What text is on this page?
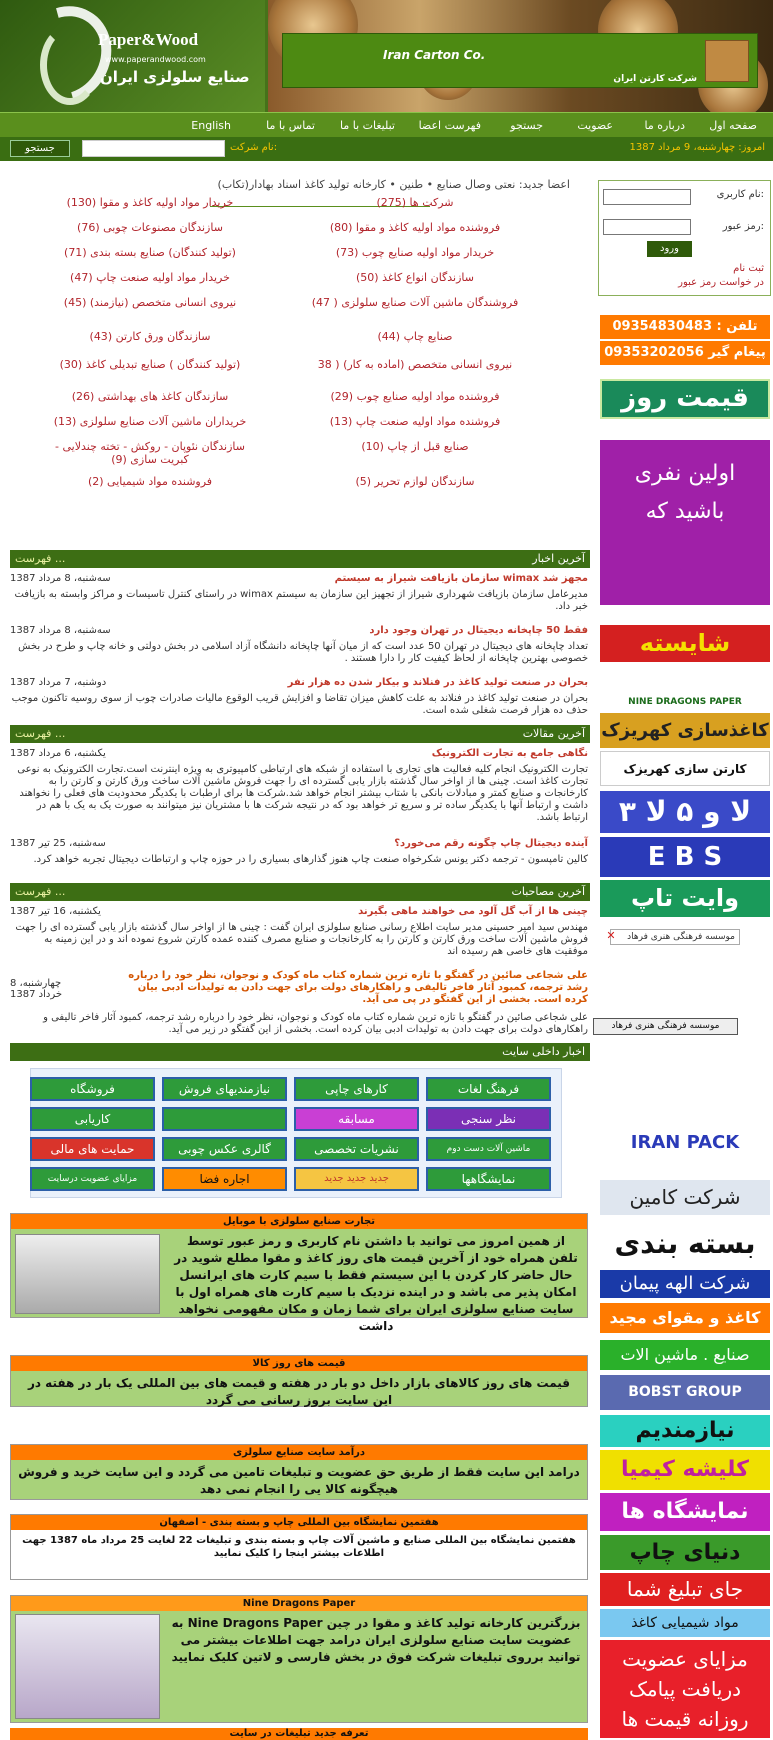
Paper&Wood
www.paperandwood.com
صنایع سلولزی ایران
Iran Carton Co.
شرکت کارتن ایران
صفحه اول
درباره ما
عضویت
جستجو
فهرست اعضا
تبلیغات با ما
تماس با ما
English
امروز: چهارشنبه، 9 مرداد 1387
نام شرکت:
جستجو
نام کاربری:
رمز عبور:
ورود
ثبت نام
در خواست رمز عبور
اعضا جدید: نعتی وصال صنایع • طنین • کارخانه تولید کاغذ اسناد بهادار(تکاب)
شرکت ها (275)
خریدار مواد اولیه کاغذ و مقوا (130)
فروشنده مواد اولیه کاغذ و مقوا (80)
سازندگان مصنوعات چوبی (76)
خریدار مواد اولیه صنایع چوب (73)
(تولید کنندگان) صنایع بسته بندی (71)
سازندگان انواع کاغذ (50)
خریدار مواد اولیه صنعت چاپ (47)
فروشندگان ماشین آلات صنایع سلولزی ( 47)
نیروی انسانی متخصص (نیازمند) (45)
صنایع چاپ (44)
سازندگان ورق کارتن (43)
نیروی انسانی متخصص (اماده به کار) ( 38
(تولید کنندگان ) صنایع تبدیلی کاغذ (30)
فروشنده مواد اولیه صنایع چوب (29)
سازندگان کاغذ های بهداشتی (26)
فروشنده مواد اولیه صنعت چاپ (13)
خریداران ماشین آلات صنایع سلولزی (13)
صنایع قبل از چاپ (10)
سازندگان نئوپان - روکش - تخته چندلایی - کبریت سازی (9)
سازندگان لوازم تحریر (5)
فروشنده مواد شیمیایی (2)
آخرین اخبار
فهرست ...
سازمان بازیافت شیراز به سیستم wimax مجهز شد
سه‌شنبه، 8 مرداد 1387
مدیرعامل سازمان بازیافت شهرداری شیراز از تجهیز این سازمان به سیستم wimax در راستای کنترل تاسیسات و مراکز وابسته به بازیافت خبر داد.
فقط 50 چاپخانه دیجیتال در تهران وجود دارد
سه‌شنبه، 8 مرداد 1387
تعداد چاپخانه های دیجیتال در تهران 50 عدد است که از میان آنها چاپخانه دانشگاه آزاد اسلامی در بخش دولتی و خانه چاپ و طرح در بخش خصوصی بهترین چاپخانه از لحاظ کیفیت کار را دارا هستند .
بحران در صنعت تولید کاغذ در فنلاند و بیکار شدن ده هزار نفر
دوشنبه، 7 مرداد 1387
بحران در صنعت تولید کاغذ در فنلاند به علت کاهش میزان تقاضا و افزایش قریب الوقوع مالیات صادرات چوب از سوی روسیه تاکنون موجب حذف ده هزار فرصت شغلی شده است.
آخرین مقالات
فهرست ...
نگاهی جامع به تجارت الکترونیک
یکشنبه، 6 مرداد 1387
تجارت الکترونیک انجام کلیه فعالیت های تجاری با استفاده از شبکه های ارتباطی کامپیوتری به ویژه اینترنت است.تجارت الکترونیک به نوعی تجارت کاغذ است. چینی ها از اواخر سال گذشته بازار یابی گسترده ای را جهت فروش ماشین آلات ساخت ورق کارتن و کارتن را به کارخانجات و صنایع کمتر و مبادلات بانکی با شتاب بیشتر انجام خواهد شد.شرکت ها برای ارطبات با یکدیگر محدودیت های فعلی را نخواهند داشت و ارتباط آنها با یکدیگر ساده تر و سریع تر خواهد بود که در نتیجه شرکت ها با مشتریان نیز میتوانند به صورت یک به یک با هم در ارتباط باشد.
آینده دیجیتال چاپ چگونه رقم می‌خورد؟
سه‌شنبه، 25 تیر 1387
کالین تامپسون - ترجمه دکتر یونس شکرخواه صنعت چاپ هنوز گذارهای بسیاری را در حوزه چاپ و ارتباطات دیجیتال تجربه خواهد کرد.
آخرین مصاحبات
فهرست ...
چینی ها از آب گل آلود می خواهند ماهی بگیرند
یکشنبه، 16 تیر 1387
مهندس سید امیر حسینی مدیر سایت اطلاع رسانی صنایع سلولزی ایران گفت : چینی ها از اواخر سال گذشته بازار یابی گسترده ای را جهت فروش ماشین آلات ساخت ورق کارتن و کارتن را به کارخانجات و صنایع مصرف کننده عمده کارتن شروع نموده اند و در این زمینه به موفقیت های خاصی هم رسیده اند
علی شجاعی صائین در گفتگو با تازه ترین شماره کتاب ماه کودک و نوجوان، نظر خود را درباره رشد ترجمه، کمبود آثار فاخر تالیفی و راهکارهای دولت برای جهت دادن به تولیدات ادبی بیان کرده است. بخشی از این گفتگو در پی می آید.
چهارشنبه، 8 خرداد 1387
علی شجاعی صائین در گفتگو با تازه ترین شماره کتاب ماه کودک و نوجوان، نظر خود را درباره رشد ترجمه، کمبود آثار فاخر تالیفی و راهکارهای دولت برای جهت دادن به تولیدات ادبی بیان کرده است. بخشی از این گفتگو در زیر می آید.
اخبار داخلی سایت
فرهنگ لغات
کارهای چاپی
نیازمندیهای فروش
فروشگاه
نظر سنجی
مسابقه
کاریابی
ماشین آلات دست دوم
نشریات تخصصی
گالری عکس چوبی
حمایت های مالی
نمایشگاهها
جدید جدید جدید
اجاره فضا
مزایای عضویت درسایت
تجارت صنایع سلولزی با موبایل
از همین امروز می توانید با داشتن نام کاربری و رمز عبور توسط تلفن همراه خود از آخرین قیمت های روز کاغذ و مقوا مطلع شوید در حال حاضر کار کردن با این سیستم فقط با سیم کارت های ایرانسل امکان پذیر می باشد و در اینده نزدیک با سیم کارت های همراه اول با سایت صنایع سلولزی ایران برای شما زمان و مکان مفهومی نخواهد داشت
قیمت های روز کالا
قیمت های روز کالاهای بازار داخل دو بار در هفته و قیمت های بین المللی یک بار در هفته در این سایت بروز رسانی می گردد
درآمد سایت صنایع سلولزی
درامد این سایت فقط از طریق حق عضویت و تبلیغات تامین می گردد و این سایت خرید و فروش هیچگونه کالا یی را انجام نمی دهد
هفتمین نمایشگاه بین المللی چاپ و بسته بندی - اصفهان
هفتمین نمایشگاه بین المللی صنایع و ماشین آلات چاپ و بسته بندی و تبلیغات 22 لغایت 25 مرداد ماه 1387 جهت اطلاعات بیشتر اینجا را کلیک نمایید
Nine Dragons Paper
بزرگترین کارخانه تولید کاغذ و مقوا در چین Nine Dragons Paper به عضویت سایت صنایع سلولزی ایران درامد جهت اطلاعات بیشتر می توانید برروی تبلیغات شرکت فوق در بخش فارسی و لاتین کلیک نمایید
تعرفه جدید تبلیغات در سایت
تلفن : 09354830483
پیغام گیر 09353202056
قیمت روز
اولین نفری باشید که
شایسته
NINE DRAGONS PAPER
کاغذسازی کهریزک
کارتن سازی کهریزک
۳ لا و ۵ لا
E B S
وایت تاپ
موسسه فرهنگی هنری فرهاد
✕
موسسه فرهنگی هنری فرهاد
IRAN PACK
شرکت کامین
بسته بندی
شرکت الهه پیمان
کاغذ و مقوای مجید
صنایع . ماشین الات
BOBST GROUP
نیازمندیم
کلیشه کیمیا
نمایشگاه ها
دنیای چاپ
جای تبلیغ شما
مواد شیمیایی کاغذ
مزایای عضویت دریافت پیامک روزانه قیمت ها
